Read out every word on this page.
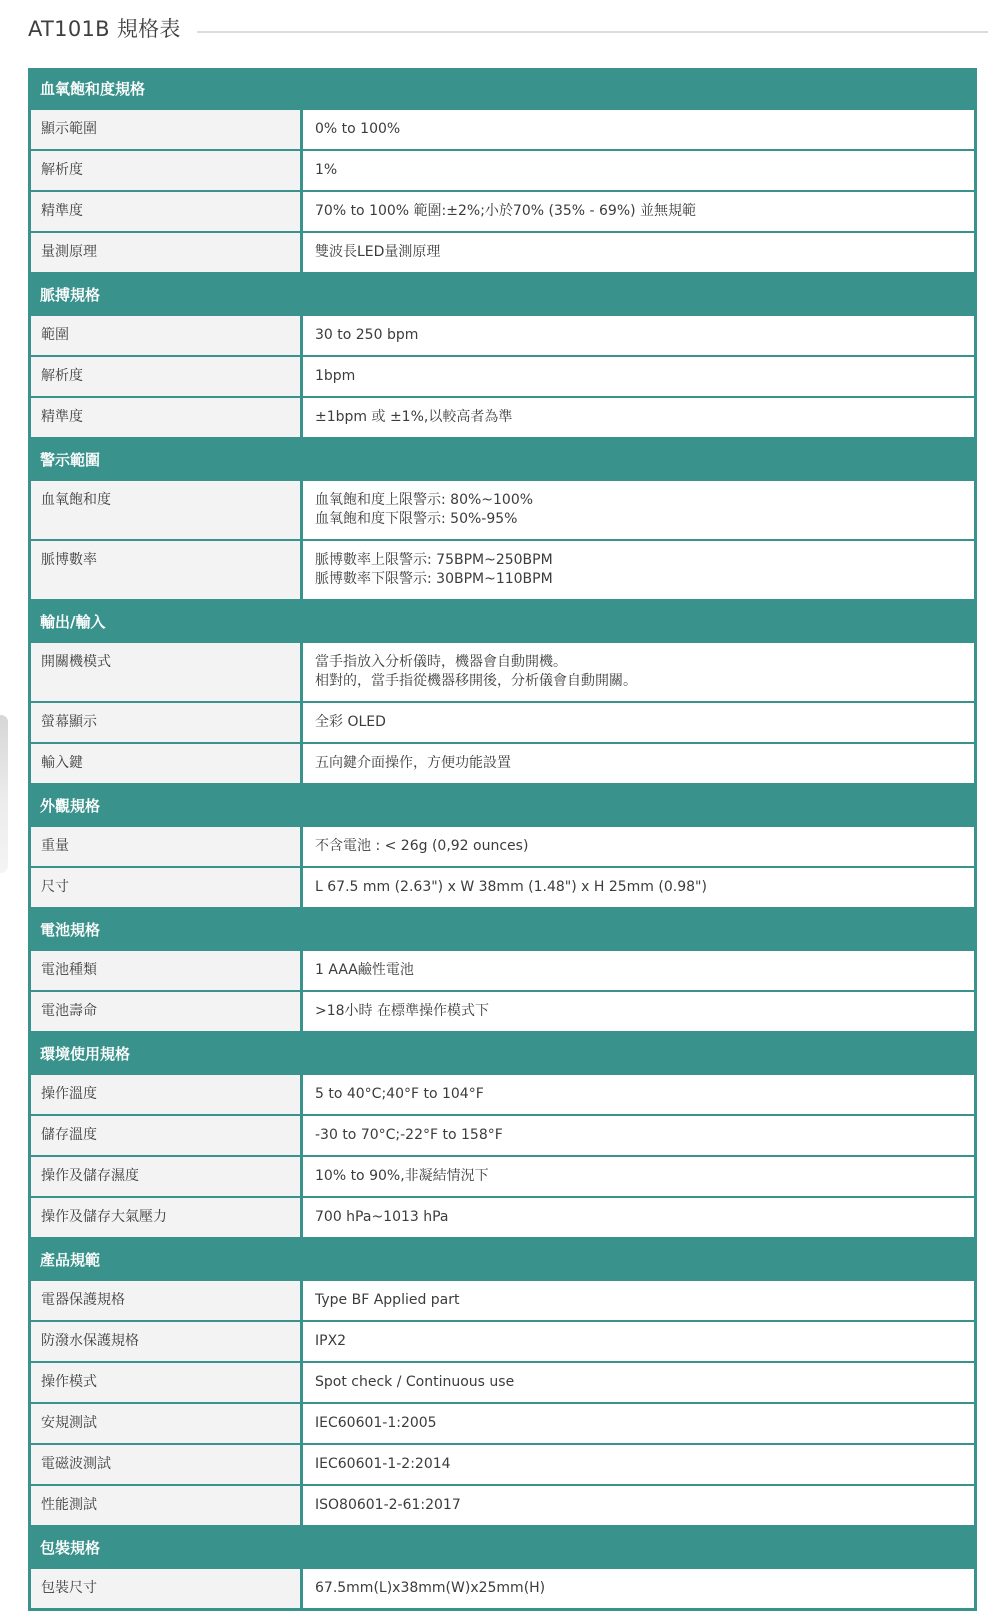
AT101B 規格表
血氧飽和度規格
顯示範圍	0% to 100%
解析度	1%
精準度	70% to 100% 範圍:±2%;小於70% (35% - 69%) 並無規範
量測原理	雙波長LED量測原理
脈搏規格
範圍	30 to 250 bpm
解析度	1bpm
精準度	±1bpm 或 ±1%,以較高者為準
警示範圍
血氧飽和度	血氧飽和度上限警示: 80%~100%
血氧飽和度下限警示: 50%-95%
脈博數率	脈博數率上限警示: 75BPM~250BPM
脈博數率下限警示: 30BPM~110BPM
輸出/輸入
開關機模式	當手指放入分析儀時，機器會自動開機。
相對的，當手指從機器移開後，分析儀會自動開關。
螢幕顯示	全彩 OLED
輸入鍵	五向鍵介面操作，方便功能設置
外觀規格
重量	不含電池 : < 26g (0,92 ounces)
尺寸	L 67.5 mm (2.63") x W 38mm (1.48") x H 25mm (0.98")
電池規格
電池種類	1 AAA鹼性電池
電池壽命	>18小時 在標準操作模式下
環境使用規格
操作溫度	5 to 40°C;40°F to 104°F
儲存溫度	-30 to 70°C;-22°F to 158°F
操作及儲存濕度	10% to 90%,非凝結情況下
操作及儲存大氣壓力	700 hPa~1013 hPa
產品規範
電器保護規格	Type BF Applied part
防潑水保護規格	IPX2
操作模式	Spot check / Continuous use
安規測試	IEC60601-1:2005
電磁波測試	IEC60601-1-2:2014
性能測試	ISO80601-2-61:2017
包裝規格
包裝尺寸	67.5mm(L)x38mm(W)x25mm(H)
